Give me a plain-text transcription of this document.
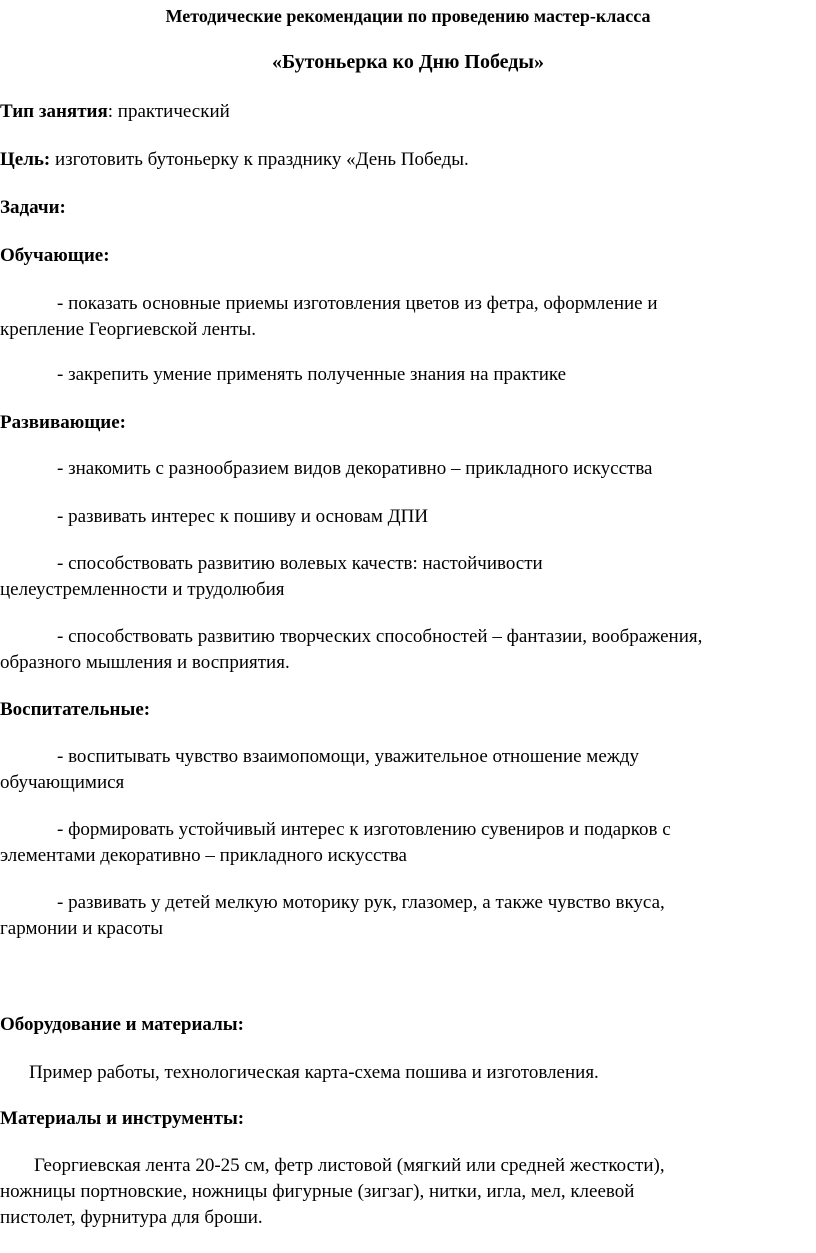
Методические рекомендации по проведению мастер-класса
«Бутоньерка ко Дню Победы»
Тип занятия: практический
Цель: изготовить бутоньерку к празднику «День Победы.
Задачи:
Обучающие:
- показать основные приемы изготовления цветов из фетра, оформление и
крепление Георгиевской ленты.
- закрепить умение применять полученные знания на практике
Развивающие:
- знакомить с разнообразием видов декоративно – прикладного искусства
- развивать интерес к пошиву и основам ДПИ
- способствовать развитию волевых качеств: настойчивости
целеустремленности и трудолюбия
- способствовать развитию творческих способностей – фантазии, воображения,
образного мышления и восприятия.
Воспитательные:
- воспитывать чувство взаимопомощи, уважительное отношение между
обучающимися
- формировать устойчивый интерес к изготовлению сувениров и подарков с
элементами декоративно – прикладного искусства
- развивать у детей мелкую моторику рук, глазомер, а также чувство вкуса,
гармонии и красоты
Оборудование и материалы:
Пример работы, технологическая карта-схема пошива и изготовления.
Материалы и инструменты:
Георгиевская лента 20-25 см, фетр листовой (мягкий или средней жесткости),
ножницы портновские, ножницы фигурные (зигзаг), нитки, игла, мел, клеевой
пистолет, фурнитура для броши.
